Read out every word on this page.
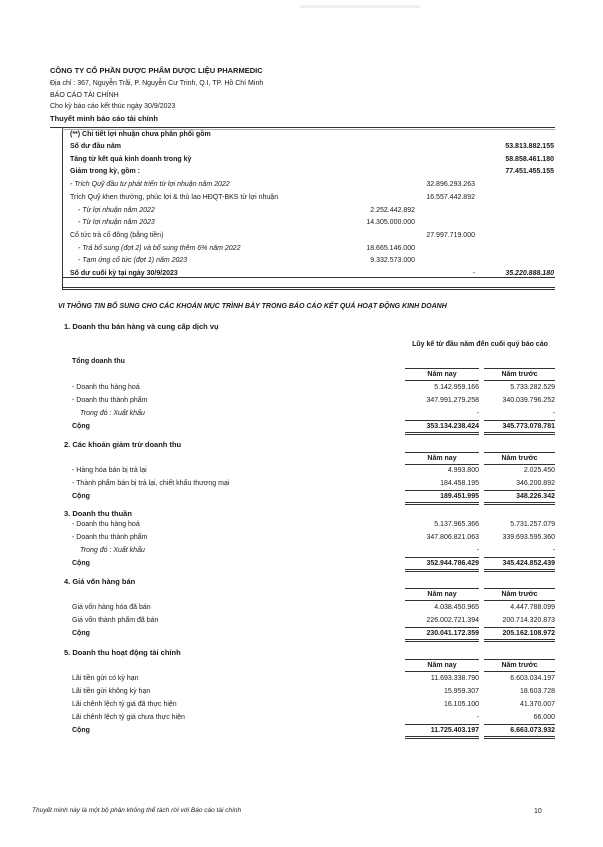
CÔNG TY CỔ PHẦN DƯỢC PHẨM DƯỢC LIỆU PHARMEDIC
Địa chỉ : 367, Nguyễn Trãi, P. Nguyễn Cư Trinh, Q.I, TP. Hồ Chí Minh
BÁO CÁO TÀI CHÍNH
Cho kỳ báo cáo kết thúc ngày 30/9/2023
Thuyết minh báo cáo tài chính
(**) Chi tiết lợi nhuận chưa phân phối gồm
Số dư đầu năm	53.813.882.155
Tăng từ kết quả kinh doanh trong kỳ	58.858.461.180
Giảm trong kỳ, gồm :	77.451.455.155
- Trích Quỹ đầu tư phát triển từ lợi nhuận năm 2022	32.896.293.263
Trích Quỹ khen thưởng, phúc lợi & thù lao HĐQT-BKS từ lợi nhuận	16.557.442.892
- Từ lợi nhuận năm 2022	2.252.442.892
- Từ lợi nhuận năm 2023	14.305.000.000
Cổ tức trả cổ đông (bằng tiền)	27.997.719.000
- Trả bổ sung (đợt 2) và bổ sung thêm 6% năm 2022	18.665.146.000
- Tạm ứng cổ tức (đợt 1) năm 2023	9.332.573.000
Số dư cuối kỳ tại ngày 30/9/2023	-	35.220.888.180
VI THÔNG TIN BỔ SUNG CHO CÁC KHOẢN MỤC TRÌNH BÀY TRONG BÁO CÁO KẾT QUẢ HOẠT ĐỘNG KINH DOANH
1. Doanh thu bán hàng và cung cấp dịch vụ
Lũy kế từ đầu năm đến cuối quý báo cáo
Tổng doanh thu
Năm nay	Năm trước
- Doanh thu hàng hoá	5.142.959.166	5.733.282.529
- Doanh thu thành phẩm	347.991.279.258	340.039.796.252
Trong đó : Xuất khẩu	-	-
Cộng	353.134.238.424	345.773.078.781
2. Các khoản giảm trừ doanh thu
Năm nay	Năm trước
- Hàng hóa bán bị trả lại	4.993.800	2.025.450
- Thành phẩm bán bị trả lại, chiết khấu thương mại	184.458.195	346.200.892
Cộng	189.451.995	348.226.342
3. Doanh thu thuần
- Doanh thu hàng hoá	5.137.965.366	5.731.257.079
- Doanh thu thành phẩm	347.806.821.063	339.693.595.360
Trong đó : Xuất khẩu	-	-
Cộng	352.944.786.429	345.424.852.439
4. Giá vốn hàng bán
Năm nay	Năm trước
Giá vốn hàng hóa đã bán	4.038.450.965	4.447.788.099
Giá vốn thành phẩm đã bán	226.002.721.394	200.714.320.873
Cộng	230.041.172.359	205.162.108.972
5. Doanh thu hoạt động tài chính
Năm nay	Năm trước
Lãi tiền gửi có kỳ hạn	11.693.338.790	6.603.034.197
Lãi tiền gửi không kỳ hạn	15.959.307	18.603.728
Lãi chênh lệch tỷ giá đã thực hiện	16.105.100	41.370.007
Lãi chênh lệch tỷ giá chưa thực hiện	-	66.000
Cộng	11.725.403.197	6.663.073.932
Thuyết minh này là một bộ phận không thể tách rời với Báo cáo tài chính	10
